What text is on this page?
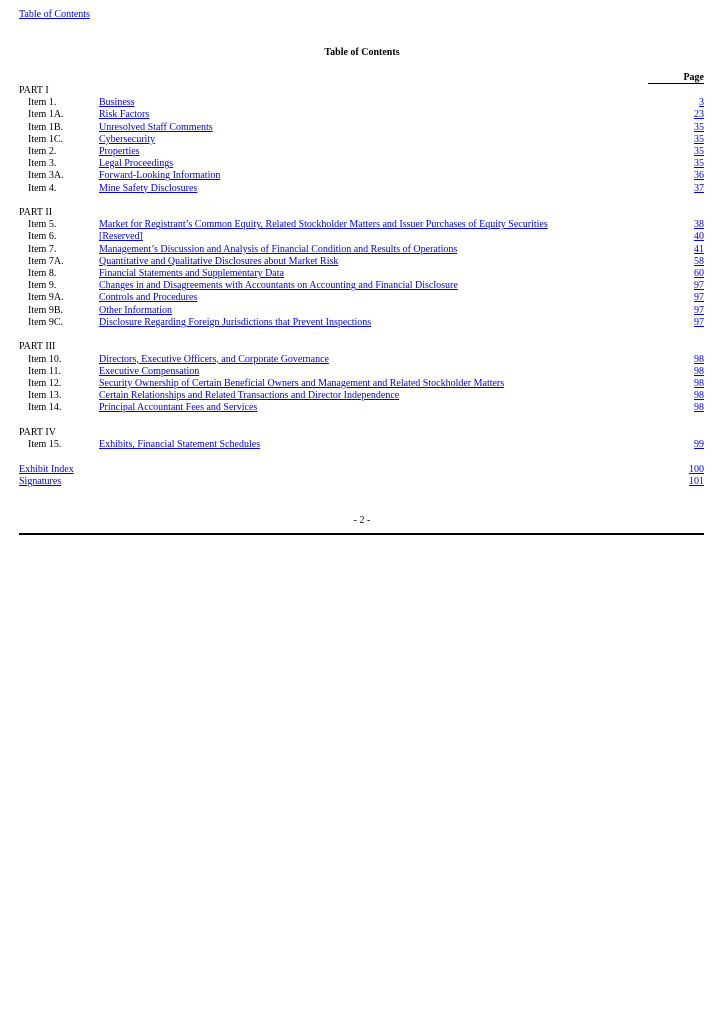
Table of Contents
Table of Contents
Page
PART I
Item 1.	Business	3
Item 1A.	Risk Factors	23
Item 1B.	Unresolved Staff Comments	35
Item 1C.	Cybersecurity	35
Item 2.	Properties	35
Item 3.	Legal Proceedings	35
Item 3A.	Forward-Looking Information	36
Item 4.	Mine Safety Disclosures	37
PART II
Item 5.	Market for Registrant’s Common Equity, Related Stockholder Matters and Issuer Purchases of Equity Securities	38
Item 6.	[Reserved]	40
Item 7.	Management’s Discussion and Analysis of Financial Condition and Results of Operations	41
Item 7A.	Quantitative and Qualitative Disclosures about Market Risk	58
Item 8.	Financial Statements and Supplementary Data	60
Item 9.	Changes in and Disagreements with Accountants on Accounting and Financial Disclosure	97
Item 9A.	Controls and Procedures	97
Item 9B.	Other Information	97
Item 9C.	Disclosure Regarding Foreign Jurisdictions that Prevent Inspections	97
PART III
Item 10.	Directors, Executive Officers, and Corporate Governance	98
Item 11.	Executive Compensation	98
Item 12.	Security Ownership of Certain Beneficial Owners and Management and Related Stockholder Matters	98
Item 13.	Certain Relationships and Related Transactions and Director Independence	98
Item 14.	Principal Accountant Fees and Services	98
PART IV
Item 15.	Exhibits, Financial Statement Schedules	99
Exhibit Index	100
Signatures	101
- 2 -
